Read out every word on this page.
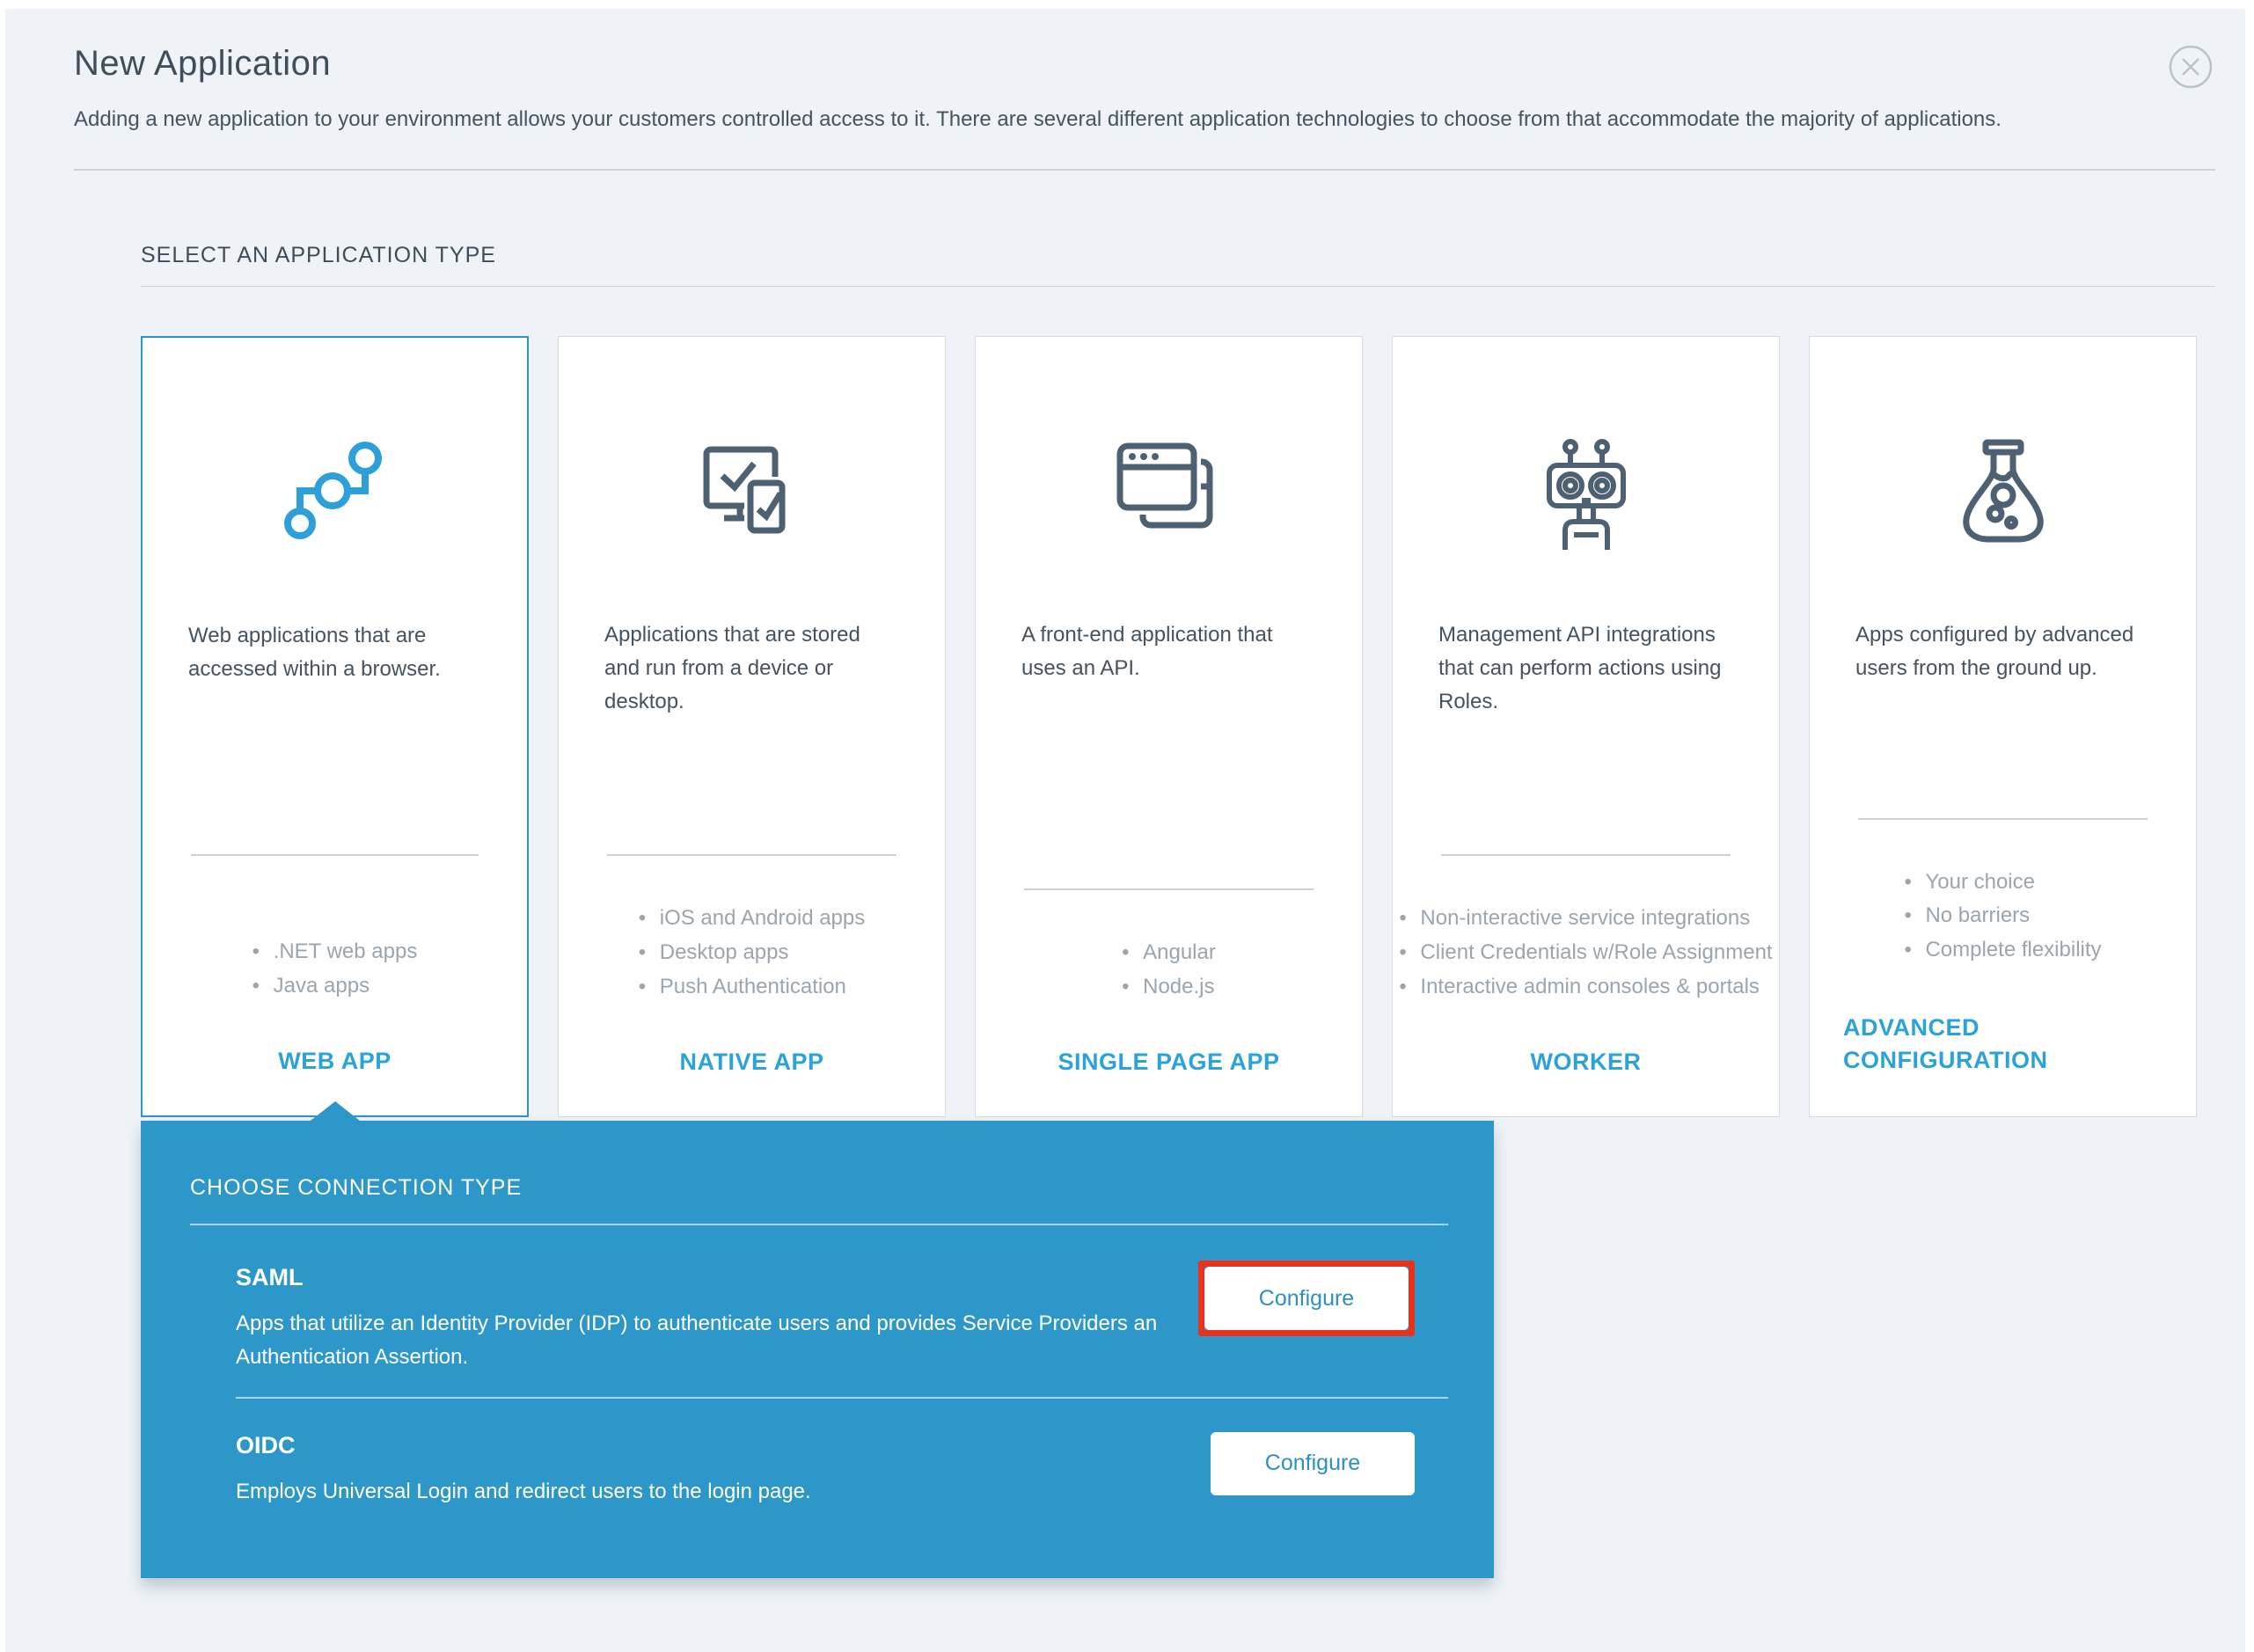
New Application

Adding a new application to your environment allows your customers controlled access to it. There are several different application technologies to choose from that accommodate the majority of applications.

SELECT AN APPLICATION TYPE
Web applications that are accessed within a browser.
• .NET web apps
• Java apps
WEB APP
Applications that are stored and run from a device or desktop.
• iOS and Android apps
• Desktop apps
• Push Authentication
NATIVE APP
A front-end application that uses an API.
• Angular
• Node.js
SINGLE PAGE APP
Management API integrations that can perform actions using Roles.
• Non-interactive service integrations
• Client Credentials w/Role Assignment
• Interactive admin consoles & portals
WORKER
Apps configured by advanced users from the ground up.
• Your choice
• No barriers
• Complete flexibility
ADVANCED CONFIGURATION
CHOOSE CONNECTION TYPE
SAML
Apps that utilize an Identity Provider (IDP) to authenticate users and provides Service Providers an Authentication Assertion.
Configure
OIDC
Employs Universal Login and redirect users to the login page.
Configure
